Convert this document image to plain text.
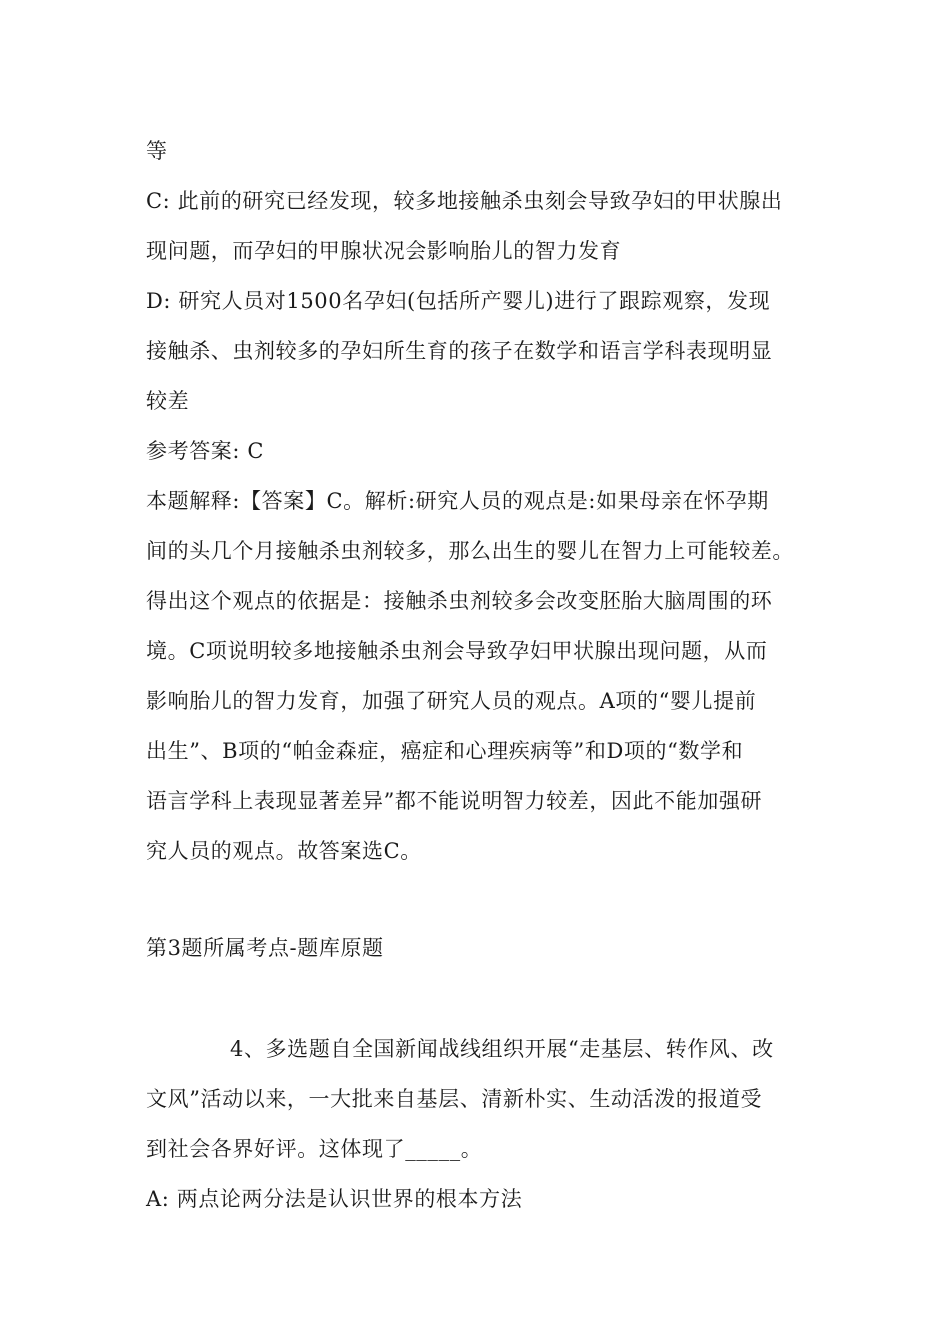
等
C: 此前的研究已经发现，较多地接触杀虫刻会导致孕妇的甲状腺出
现问题，而孕妇的甲腺状况会影响胎儿的智力发育
D: 研究人员对1500名孕妇(包括所产婴儿)进行了跟踪观察，发现
接触杀、虫剂较多的孕妇所生育的孩子在数学和语言学科表现明显
较差
参考答案: C
本题解释:【答案】C。解析:研究人员的观点是:如果母亲在怀孕期
间的头几个月接触杀虫剂较多，那么出生的婴儿在智力上可能较差。
得出这个观点的依据是：接触杀虫剂较多会改变胚胎大脑周围的环
境。C项说明较多地接触杀虫剂会导致孕妇甲状腺出现问题，从而
影响胎儿的智力发育，加强了研究人员的观点。A项的“婴儿提前
出生”、B项的“帕金森症，癌症和心理疾病等”和D项的“数学和
语言学科上表现显著差异”都不能说明智力较差，因此不能加强研
究人员的观点。故答案选C。
第3题所属考点-题库原题
4、多选题自全国新闻战线组织开展“走基层、转作风、改
文风”活动以来，一大批来自基层、清新朴实、生动活泼的报道受
到社会各界好评。这体现了_____。
A: 两点论两分法是认识世界的根本方法
